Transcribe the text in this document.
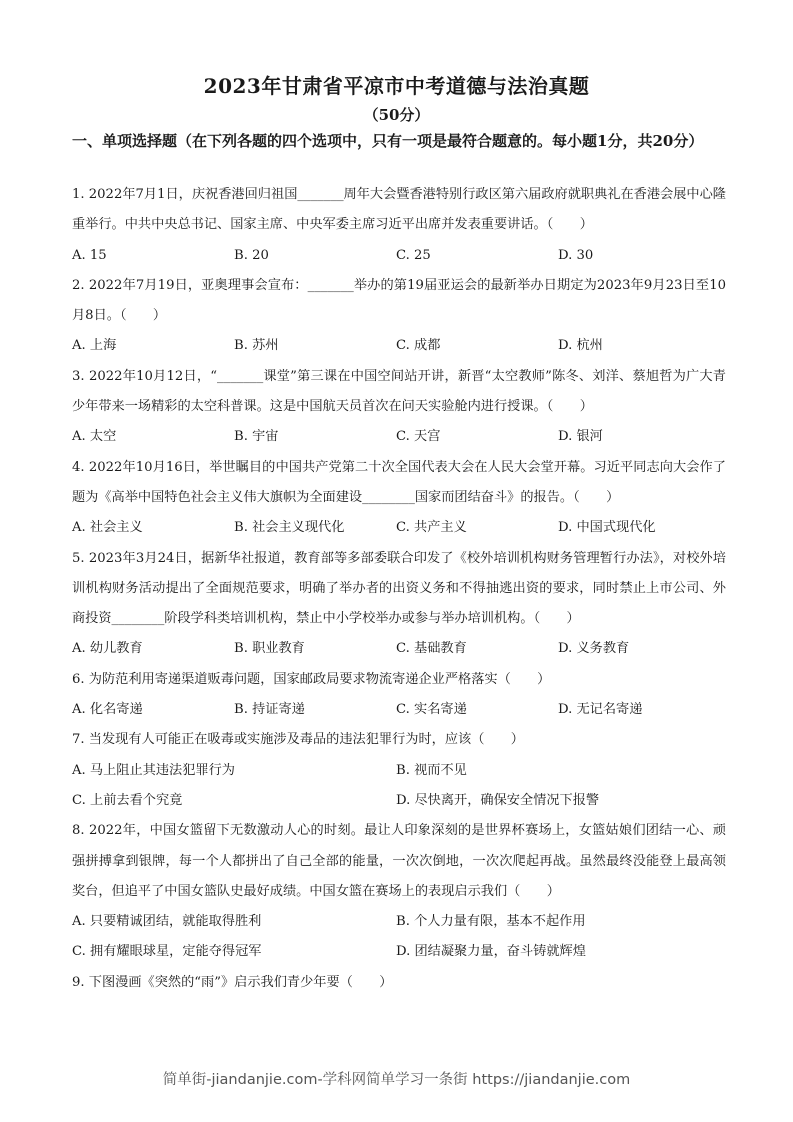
2023年甘肃省平凉市中考道德与法治真题
（50分）
一、单项选择题（在下列各题的四个选项中，只有一项是最符合题意的。每小题1分，共20分）

1. 2022年7月1日，庆祝香港回归祖国_______周年大会暨香港特别行政区第六届政府就职典礼在香港会展中心隆重举行。中共中央总书记、国家主席、中央军委主席习近平出席并发表重要讲话。（　　）

A. 15	B. 20	C. 25	D. 30

2. 2022年7月19日，亚奥理事会宣布：_______举办的第19届亚运会的最新举办日期定为2023年9月23日至10月8日。（　　）

A. 上海	B. 苏州	C. 成都	D. 杭州

3. 2022年10月12日，“_______课堂”第三课在中国空间站开讲，新晋“太空教师”陈冬、刘洋、蔡旭哲为广大青少年带来一场精彩的太空科普课。这是中国航天员首次在问天实验舱内进行授课。（　　）

A. 太空	B. 宇宙	C. 天宫	D. 银河

4. 2022年10月16日，举世瞩目的中国共产党第二十次全国代表大会在人民大会堂开幕。习近平同志向大会作了题为《高举中国特色社会主义伟大旗帜为全面建设________国家而团结奋斗》的报告。（　　）

A. 社会主义	B. 社会主义现代化	C. 共产主义	D. 中国式现代化

5. 2023年3月24日，据新华社报道，教育部等多部委联合印发了《校外培训机构财务管理暂行办法》，对校外培训机构财务活动提出了全面规范要求，明确了举办者的出资义务和不得抽逃出资的要求，同时禁止上市公司、外商投资________阶段学科类培训机构，禁止中小学校举办或参与举办培训机构。（　　）

A. 幼儿教育	B. 职业教育	C. 基础教育	D. 义务教育

6. 为防范利用寄递渠道贩毒问题，国家邮政局要求物流寄递企业严格落实（　　）

A. 化名寄递	B. 持证寄递	C. 实名寄递	D. 无记名寄递

7. 当发现有人可能正在吸毒或实施涉及毒品的违法犯罪行为时，应该（　　）

A. 马上阻止其违法犯罪行为	B. 视而不见
C. 上前去看个究竟	D. 尽快离开，确保安全情况下报警

8. 2022年，中国女篮留下无数激动人心的时刻。最让人印象深刻的是世界杯赛场上，女篮姑娘们团结一心、顽强拼搏拿到银牌，每一个人都拼出了自己全部的能量，一次次倒地，一次次爬起再战。虽然最终没能登上最高领奖台，但追平了中国女篮队史最好成绩。中国女篮在赛场上的表现启示我们（　　）

A. 只要精诚团结，就能取得胜利	B. 个人力量有限，基本不起作用
C. 拥有耀眼球星，定能夺得冠军	D. 团结凝聚力量，奋斗铸就辉煌

9. 下图漫画《突然的“雨”》启示我们青少年要（　　）

简单街-jiandanjie.com-学科网简单学习一条街 https://jiandanjie.com
